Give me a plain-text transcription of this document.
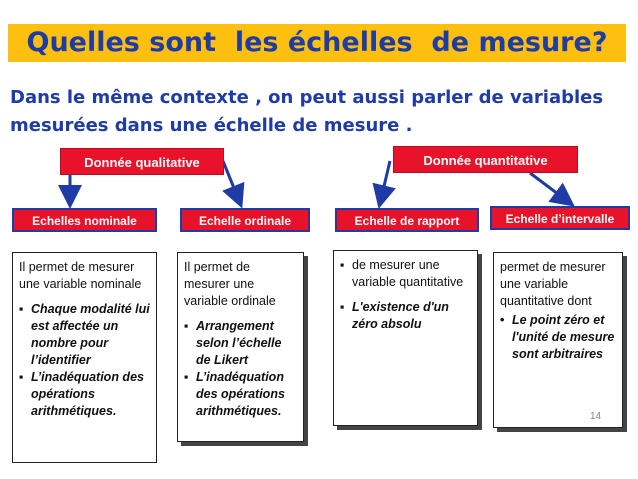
Quelles sont  les échelles  de mesure?
Dans le même contexte , on peut aussi parler de variables mesurées dans une échelle de mesure .
Donnée qualitative	Donnée quantitative
Echelles nominale	Echelle ordinale	Echelle de rapport	Echelle d’intervalle

Il permet de mesurer une variable nominale

▪ Chaque modalité lui est affectée un nombre pour l’identifier
▪ L’inadéquation des opérations arithmétiques.

Il permet de mesurer une variable ordinale

▪ Arrangement selon l’échelle de Likert
▪ L’inadéquation des opérations arithmétiques.
▪ de mesurer une variable quantitative
▪ L'existence d'un zéro absolu

permet de mesurer une variable quantitative dont

• Le point zéro et l'unité de mesure sont arbitraires
14
